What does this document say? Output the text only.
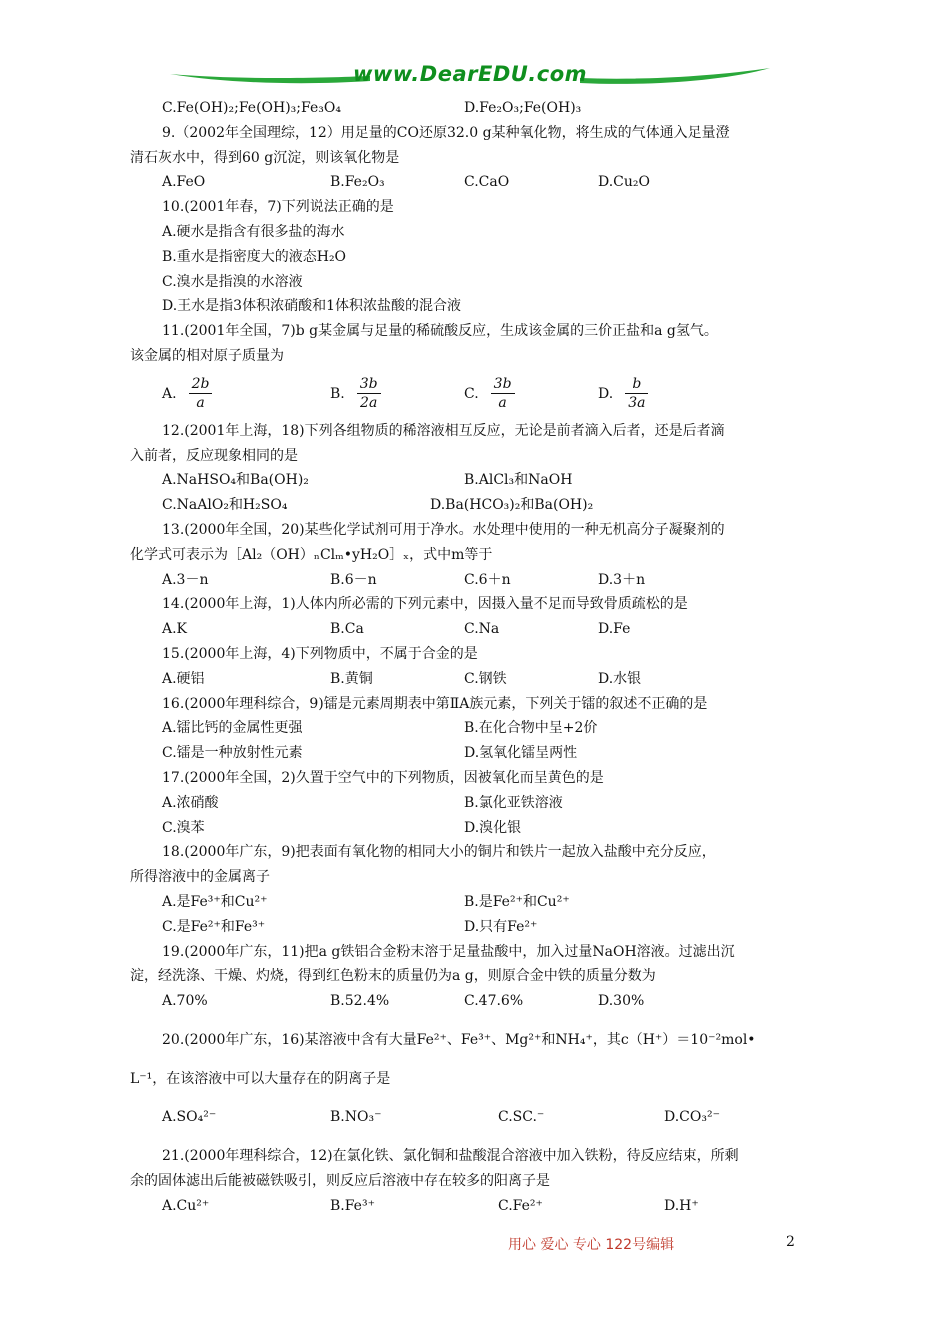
www.DearEDU.com
C.Fe(OH)₂;Fe(OH)₃;Fe₃O₄	D.Fe₂O₃;Fe(OH)₃
9.（2002年全国理综，12）用足量的CO还原32.0 g某种氧化物，将生成的气体通入足量澄
清石灰水中，得到60 g沉淀，则该氧化物是
A.FeO	B.Fe₂O₃	C.CaO	D.Cu₂O
10.(2001年春，7)下列说法正确的是
A.硬水是指含有很多盐的海水
B.重水是指密度大的液态H₂O
C.溴水是指溴的水溶液
D.王水是指3体积浓硝酸和1体积浓盐酸的混合液
11.(2001年全国，7)b g某金属与足量的稀硫酸反应，生成该金属的三价正盐和a g氢气。
该金属的相对原子质量为
A. $\frac{2b}{a}$	B. $\frac{3b}{2a}$	C. $\frac{3b}{a}$	D. $\frac{b}{3a}$
12.(2001年上海，18)下列各组物质的稀溶液相互反应，无论是前者滴入后者，还是后者滴
入前者，反应现象相同的是
A.NaHSO₄和Ba(OH)₂	B.AlCl₃和NaOH
C.NaAlO₂和H₂SO₄	D.Ba(HCO₃)₂和Ba(OH)₂
13.(2000年全国，20)某些化学试剂可用于净水。水处理中使用的一种无机高分子凝聚剂的
化学式可表示为［Al₂（OH）ₙClₘ•yH₂O］ₓ，式中m等于
A.3－n	B.6－n	C.6＋n	D.3＋n
14.(2000年上海，1)人体内所必需的下列元素中，因摄入量不足而导致骨质疏松的是
A.K	B.Ca	C.Na	D.Fe
15.(2000年上海，4)下列物质中，不属于合金的是
A.硬铝	B.黄铜	C.钢铁	D.水银
16.(2000年理科综合，9)镭是元素周期表中第ⅡA族元素，下列关于镭的叙述不正确的是
A.镭比钙的金属性更强	B.在化合物中呈+2价
C.镭是一种放射性元素	D.氢氧化镭呈两性
17.(2000年全国，2)久置于空气中的下列物质，因被氧化而呈黄色的是
A.浓硝酸	B.氯化亚铁溶液
C.溴苯	D.溴化银
18.(2000年广东，9)把表面有氧化物的相同大小的铜片和铁片一起放入盐酸中充分反应，
所得溶液中的金属离子
A.是Fe³⁺和Cu²⁺	B.是Fe²⁺和Cu²⁺
C.是Fe²⁺和Fe³⁺	D.只有Fe²⁺
19.(2000年广东，11)把a g铁铝合金粉末溶于足量盐酸中，加入过量NaOH溶液。过滤出沉
淀，经洗涤、干燥、灼烧，得到红色粉末的质量仍为a g，则原合金中铁的质量分数为
A.70%	B.52.4%	C.47.6%	D.30%
20.(2000年广东，16)某溶液中含有大量Fe²⁺、Fe³⁺、Mg²⁺和NH₄⁺，其c（H⁺）＝10⁻²mol•
L⁻¹，在该溶液中可以大量存在的阴离子是
A.SO₄²⁻	B.NO₃⁻	C.SC.⁻	D.CO₃²⁻
21.(2000年理科综合，12)在氯化铁、氯化铜和盐酸混合溶液中加入铁粉，待反应结束，所剩
余的固体滤出后能被磁铁吸引，则反应后溶液中存在较多的阳离子是
A.Cu²⁺	B.Fe³⁺	C.Fe²⁺	D.H⁺
用心 爱心 专心 122号编辑	2
